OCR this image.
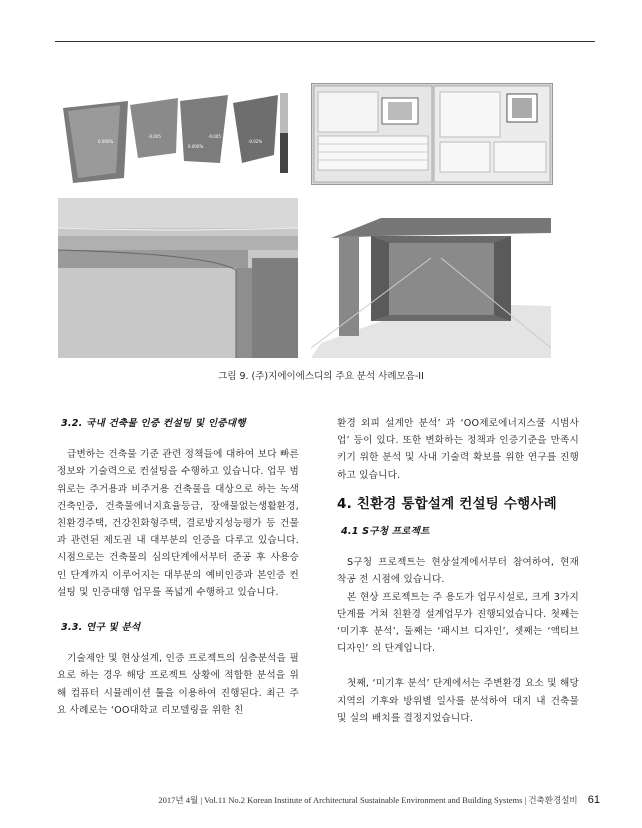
0.000%
-0.005
0.000%
-0.005
-0.02%
그림 9. (주)지에이에스디의 주요 분석 사례모음-II

3.2. 국내 건축물 인증 컨설팅 및 인증대행

급변하는 건축물 기준 관련 정책들에 대하여 보다 빠른 정보와 기술력으로 컨설팅을 수행하고 있습니다. 업무 범위로는 주거용과 비주거용 건축물을 대상으로 하는 녹색건축인증, 건축물에너지효율등급, 장애물없는생활환경, 친환경주택, 건강친화형주택, 결로방지성능평가 등 건물과 관련된 제도권 내 대부분의 인증을 다루고 있습니다. 시점으로는 건축물의 심의단계에서부터 준공 후 사용승인 단계까지 이루어지는 대부분의 예비인증과 본인증 컨설팅 및 인증대행 업무를 폭넓게 수행하고 있습니다.

3.3. 연구 및 분석

기술제안 및 현상설계, 인증 프로젝트의 심층분석을 필요로 하는 경우 해당 프로젝트 상황에 적합한 분석을 위해 컴퓨터 시뮬레이션 툴을 이용하여 진행된다. 최근 주요 사례로는 ‘OO대학교 리모델링을 위한 친

환경 외피 설계안 분석’ 과 ‘OO제로에너지스쿨 시범사업’ 등이 있다. 또한 변화하는 정책과 인증기준을 만족시키기 위한 분석 및 사내 기술력 확보를 위한 연구를 진행하고 있습니다.

4. 친환경 통합설계 컨설팅 수행사례

4.1 S구청 프로젝트

S구청 프로젝트는 현상설계에서부터 참여하여, 현재 착공 전 시점에 있습니다.

본 현상 프로젝트는 주 용도가 업무시설로, 크게 3가지 단계를 거쳐 친환경 설계업무가 진행되었습니다. 첫째는 ‘미기후 분석’, 둘째는 ‘패시브 디자인’, 셋째는 ‘액티브 디자인’ 의 단계입니다.

첫째, ‘미기후 분석’ 단계에서는 주변환경 요소 및 해당 지역의 기후와 방위별 일사를 분석하여 대지 내 건축물 및 실의 배치를 결정지었습니다.

2017년 4월 | Vol.11 No.2 Korean Institute of Architectural Sustainable Environment and Building Systems | 건축환경설비 61
